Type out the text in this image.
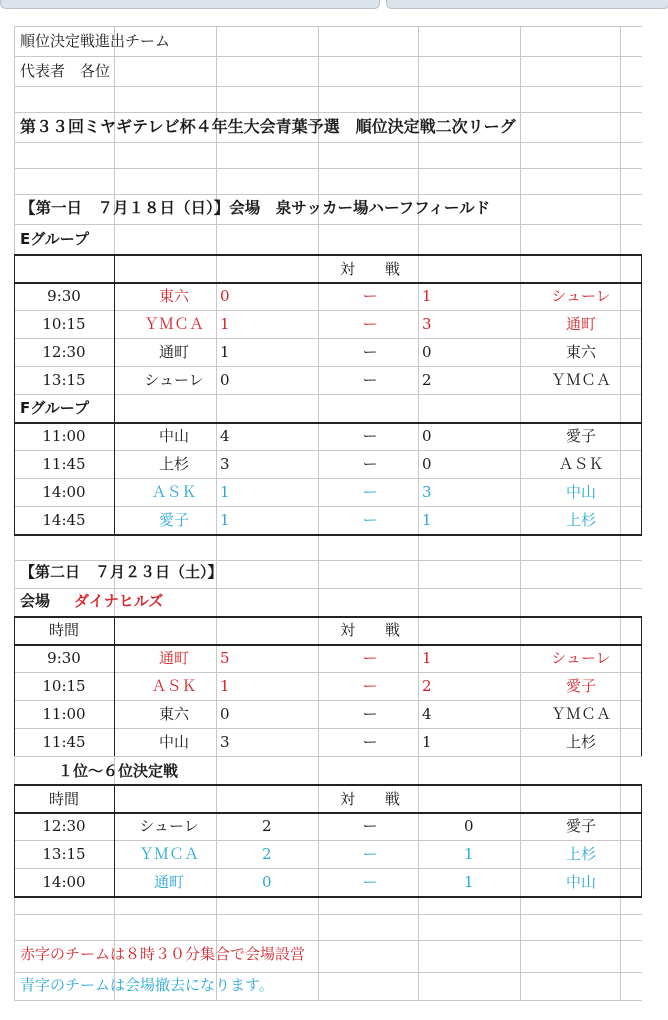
順位決定戦進出チーム
代表者　各位
第３３回ミヤギテレビ杯４年生大会青葉予選　順位決定戦二次リーグ
【第一日　７月１８日（日）】会場　泉サッカー場ハーフフィールド
Eグループ
対　　戦
9:30	東六	0	ー	1	シューレ
10:15	ＹＭＣＡ	1	ー	3	通町
12:30	通町	1	ー	0	東六
13:15	シューレ	0	ー	2	ＹＭＣＡ
Fグループ
11:00	中山	4	ー	0	愛子
11:45	上杉	3	ー	0	ＡＳＫ
14:00	ＡＳＫ	1	ー	3	中山
14:45	愛子	1	ー	1	上杉
【第二日　７月２３日（土）】
会場 ダイナヒルズ
時間	対　　戦
9:30	通町	5	ー	1	シューレ
10:15	ＡＳＫ	1	ー	2	愛子
11:00	東六	0	ー	4	ＹＭＣＡ
11:45	中山	3	ー	1	上杉
１位〜６位決定戦
時間	対　　戦
12:30	シューレ	2	ー	0	愛子
13:15	ＹＭＣＡ	2	ー	1	上杉
14:00	通町	0	ー	1	中山
赤字のチームは８時３０分集合で会場設営
青字のチームは会場撤去になります。
